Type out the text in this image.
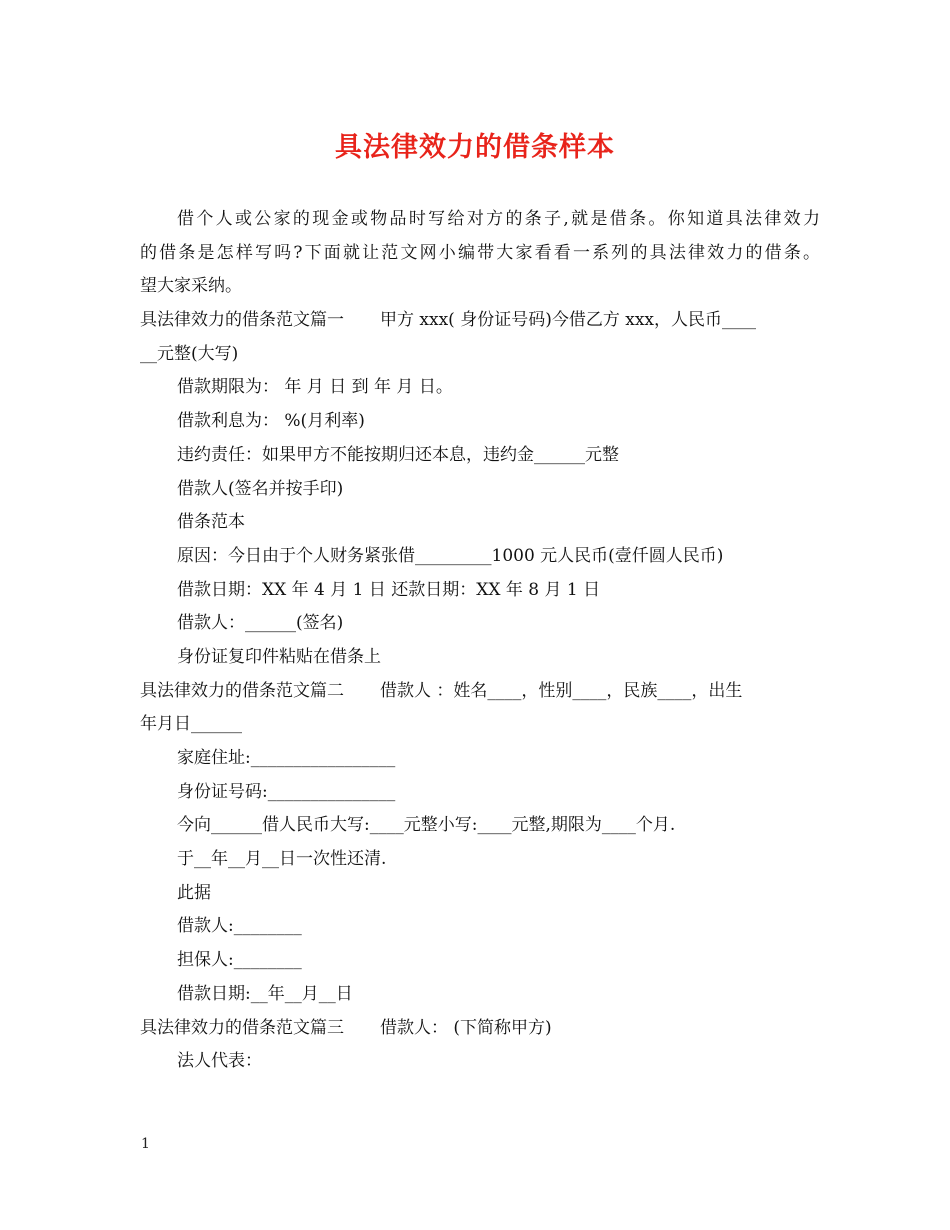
具法律效力的借条样本
借个人或公家的现金或物品时写给对方的条子,就是借条。你知道具法律效力
的借条是怎样写吗?下面就让范文网小编带大家看看一系列的具法律效力的借条。
望大家采纳。
具法律效力的借条范文篇一 甲方 xxx( 身份证号码)今借乙方 xxx，人民币____
__元整(大写)
借款期限为： 年 月 日 到 年 月 日。
借款利息为： %(月利率)
违约责任：如果甲方不能按期归还本息，违约金______元整
借款人(签名并按手印)
借条范本
原因：今日由于个人财务紧张借_________1000 元人民币(壹仟圆人民币)
借款日期：XX 年 4 月 1 日 还款日期：XX 年 8 月 1 日
借款人：______(签名)
身份证复印件粘贴在借条上
具法律效力的借条范文篇二 借款人 ：姓名____，性别____，民族____，出生
年月日______
家庭住址:_________________
身份证号码:_______________
今向______借人民币大写:____元整小写:____元整,期限为____个月.
于__年__月__日一次性还清.
此据
借款人:________
担保人:________
借款日期:__年__月__日
具法律效力的借条范文篇三 借款人： (下简称甲方)
法人代表：
1
